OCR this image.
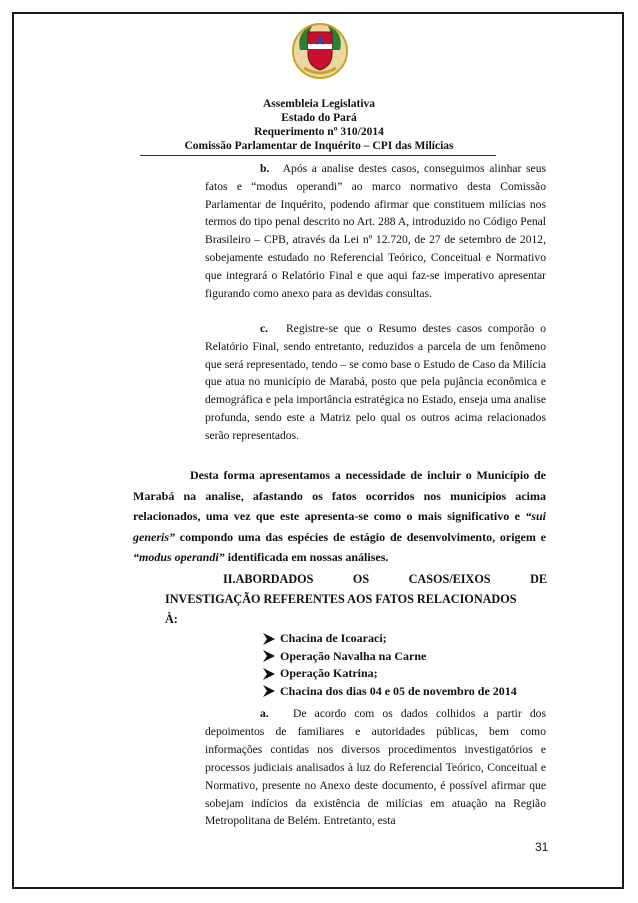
Assembleia Legislativa
Estado do Pará
Requerimento nº 310/2014
Comissão Parlamentar de Inquérito – CPI das Milícias

b. Após a analise destes casos, conseguimos alinhar seus fatos e “modus operandi” ao marco normativo desta Comissão Parlamentar de Inquérito, podendo afirmar que constituem milícias nos termos do tipo penal descrito no Art. 288 A, introduzido no Código Penal Brasileiro – CPB, através da Lei nº 12.720, de 27 de setembro de 2012, sobejamente estudado no Referencial Teórico, Conceitual e Normativo que integrará o Relatório Final e que aqui faz-se imperativo apresentar figurando como anexo para as devidas consultas.

c. Registre-se que o Resumo destes casos comporão o Relatório Final, sendo entretanto, reduzidos a parcela de um fenômeno que será representado, tendo – se como base o Estudo de Caso da Milícia que atua no município de Marabá, posto que pela pujância econômica e demográfica e pela importância estratégica no Estado, enseja uma analise profunda, sendo este a Matriz pelo qual os outros acima relacionados serão representados.

Desta forma apresentamos a necessidade de incluir o Município de Marabá na analise, afastando os fatos ocorridos nos municípios acima relacionados, uma vez que este apresenta-se como o mais significativo e “sui generis” compondo uma das espécies de estágio de desenvolvimento, origem e “modus operandi” identificada em nossas análises.

II.ABORDADOS	OS	CASOS/EIXOS	DE
INVESTIGAÇÃO REFERENTES AOS FATOS RELACIONADOS
À:
Chacina de Icoaraci;
Operação Navalha na Carne
Operação Katrina;
Chacina dos dias 04 e 05 de novembro de 2014

a. De acordo com os dados colhidos a partir dos depoimentos de familiares e autoridades públicas, bem como informações contidas nos diversos procedimentos investigatórios e processos judiciais analisados à luz do Referencial Teórico, Conceitual e Normativo, presente no Anexo deste documento, é possível afirmar que sobejam indícios da existência de milícias em atuação na Região Metropolitana de Belém. Entretanto, esta

31
